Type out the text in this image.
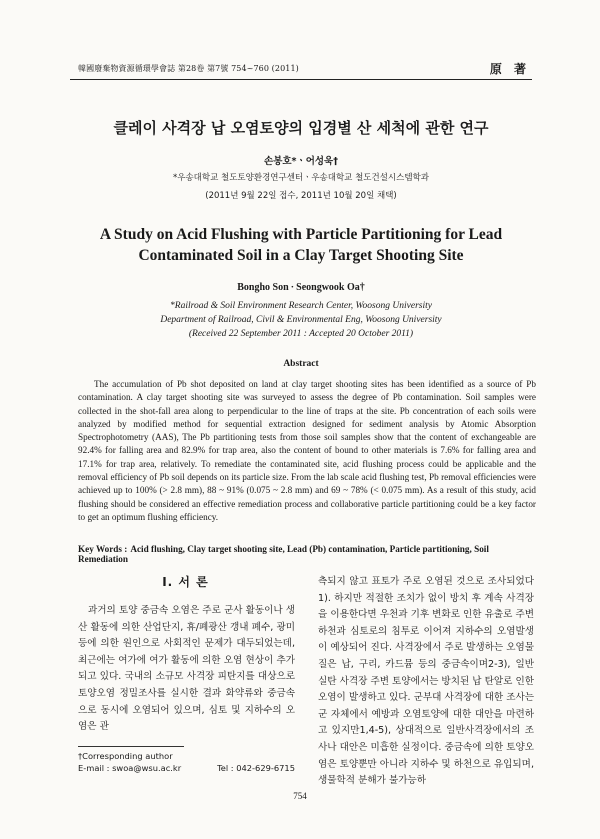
韓國廢棄物資源循環學會誌 第28卷 第7號 754~760 (2011)	原 著
클레이 사격장 납 오염토양의 입경별 산 세척에 관한 연구
손봉호*ㆍ어성욱†
*우송대학교 철도토양환경연구센터ㆍ우송대학교 철도건설시스템학과
(2011년 9월 22일 접수, 2011년 10월 20일 채택)
A Study on Acid Flushing with Particle Partitioning for Lead Contaminated Soil in a Clay Target Shooting Site
Bongho Son ∙ Seongwook Oa†
*Railroad & Soil Environment Research Center, Woosong University
Department of Railroad, Civil & Environmental Eng, Woosong University
(Received 22 September 2011 : Accepted 20 October 2011)
Abstract

The accumulation of Pb shot deposited on land at clay target shooting sites has been identified as a source of Pb contamination. A clay target shooting site was surveyed to assess the degree of Pb contamination. Soil samples were collected in the shot-fall area along to perpendicular to the line of traps at the site. Pb concentration of each soils were analyzed by modified method for sequential extraction designed for sediment analysis by Atomic Absorption Spectrophotometry (AAS), The Pb partitioning tests from those soil samples show that the content of exchangeable are 92.4% for falling area and 82.9% for trap area, also the content of bound to other materials is 7.6% for falling area and 17.1% for trap area, relatively. To remediate the contaminated site, acid flushing process could be applicable and the removal efficiency of Pb soil depends on its particle size. From the lab scale acid flushing test, Pb removal efficiencies were achieved up to 100% (> 2.8 mm), 88 ~ 91% (0.075 ~ 2.8 mm) and 69 ~ 78% (< 0.075 mm). As a result of this study, acid flushing should be considered an effective remediation process and collaborative particle partitioning could be a key factor to get an optimum flushing efficiency.

Key Words : Acid flushing, Clay target shooting site, Lead (Pb) contamination, Particle partitioning, Soil Remediation
I. 서 론

과거의 토양 중금속 오염은 주로 군사 활동이나 생산 활동에 의한 산업단지, 휴/폐광산 갱내 폐수, 광미 등에 의한 원인으로 사회적인 문제가 대두되었는데, 최근에는 여가에 여가 활동에 의한 오염 현상이 추가되고 있다. 국내의 소규모 사격장 피탄지를 대상으로 토양오염 정밀조사를 실시한 결과 화약류와 중금속으로 동시에 오염되어 있으며, 심토 및 지하수의 오염은 관

측되지 않고 표토가 주로 오염된 것으로 조사되었다1). 하지만 적절한 조치가 없이 방치 후 계속 사격장을 이용한다면 우천과 기후 변화로 인한 유출로 주변 하천과 심토로의 침투로 이어져 지하수의 오염발생이 예상되어 진다. 사격장에서 주로 발생하는 오염물질은 납, 구리, 카드뮴 등의 중금속이며2-3), 일반 실탄 사격장 주변 토양에서는 방치된 납 탄알로 인한 오염이 발생하고 있다. 군부대 사격장에 대한 조사는 군 자체에서 예방과 오염토양에 대한 대안을 마련하고 있지만1,4-5), 상대적으로 일반사격장에서의 조사나 대안은 미흡한 실정이다. 중금속에 의한 토양오염은 토양뿐만 아니라 지하수 및 하천으로 유입되며, 생물학적 분해가 불가능하

†Corresponding author
E-mail : swoa@wsu.ac.kr	Tel : 042-629-6715
754
